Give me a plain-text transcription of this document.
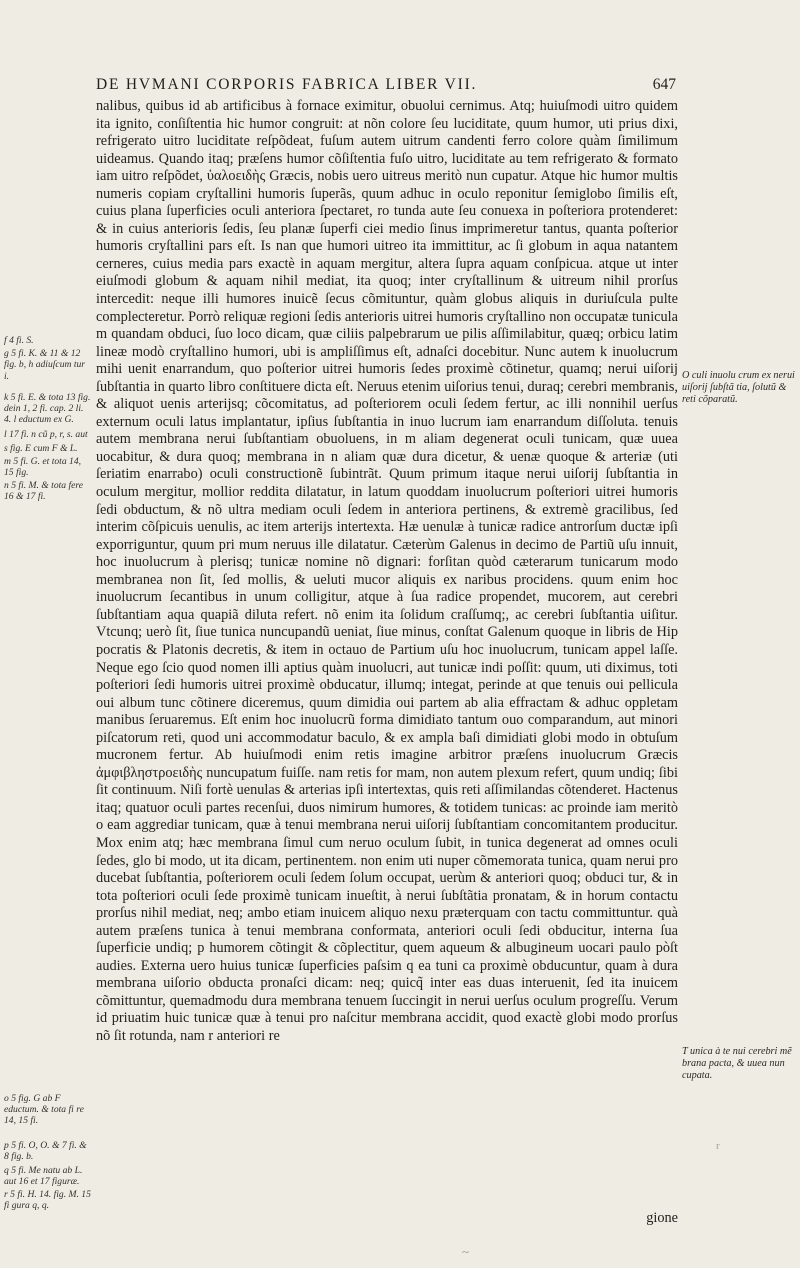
DE HVMANI CORPORIS FABRICA LIBER VII.	647

nalibus, quibus id ab artificibus à fornace eximitur, obuolui cernimus. Atq; huiuſmodi uitro quidem ita ignito, conſiſtentia hic humor congruit: at nõn colore ſeu luciditate, quum humor, uti prius dixi, refrigerato uitro luciditate reſpõdeat, fuſum autem uitrum candenti ferro colore quàm ſimilimum uideamus. Quando itaq; præſens humor cõſiſtentia fuſo uitro, luciditate au tem refrigerato & formato iam uitro reſpõdet, ὑαλοειδὴς Græcis, nobis uero uitreus meritò nun cupatur. Atque hic humor multis numeris copiam cryſtallini humoris ſuperãs, quum adhuc in oculo reponitur ſemiglobo ſimilis eſt, cuius plana ſuperficies oculi anteriora ſpectaret, ro tunda aute ſeu conuexa in poſteriora protenderet: & in cuius anterioris ſedis, ſeu planæ ſuperfi ciei medio ſinus imprimeretur tantus, quanta poſterior humoris cryſtallini pars eſt. Is nan que humori uitreo ita immittitur, ac ſi globum in aqua natantem cerneres, cuius media pars exactè in aquam mergitur, altera ſupra aquam conſpicua. atque ut inter eiuſmodi globum & aquam nihil mediat, ita quoq; inter cryſtallinum & uitreum nihil prorſus intercedit: neque illi humores inuicẽ ſecus cõmituntur, quàm globus aliquis in duriuſcula pulte complecteretur. Porrò reliquæ regioni ſedis anterioris uitrei humoris cryſtallino non occupatæ tunicula m quandam obduci, ſuo loco dicam, quæ ciliis palpebrarum ue pilis aſſimilabitur, quæq; orbicu latim lineæ modò cryſtallino humori, ubi is ampliſſimus eſt, adnaſci docebitur. Nunc autem k inuolucrum mihi uenit enarrandum, quo poſterior uitrei humoris ſedes proximè cõtinetur, quamq; nerui uiſorij ſubſtantia in quarto libro conſtituere dicta eſt. Neruus etenim uiſorius tenui, duraq; cerebri membranis, & aliquot uenis arterijsq; cõcomitatus, ad poſteriorem oculi ſedem fertur, ac illi nonnihil uerſus externum oculi latus implantatur, ipſius ſubſtantia in inuo lucrum iam enarrandum diſſoluta. tenuis autem membrana nerui ſubſtantiam obuoluens, in m aliam degenerat oculi tunicam, quæ uuea uocabitur, & dura quoq; membrana in n aliam quæ dura dicetur, & uenæ quoque & arteriæ (uti ſeriatim enarrabo) oculi constructionẽ ſubintrãt. Quum primum itaque nerui uiſorij ſubſtantia in oculum mergitur, mollior reddita dilatatur, in latum quoddam inuolucrum poſteriori uitrei humoris ſedi obductum, & nõ ultra mediam oculi ſedem in anteriora pertinens, & extremè gracilibus, ſed interim cõſpicuis uenulis, ac item arterijs intertexta. Hæ uenulæ à tunicæ radice antrorſum ductæ ipſi exporriguntur, quum pri mum neruus ille dilatatur. Cæterùm Galenus in decimo de Partiũ uſu innuit, hoc inuolucrum à plerisq; tunicæ nomine nõ dignari: forſitan quòd cæterarum tunicarum modo membranea non ſit, ſed mollis, & ueluti mucor aliquis ex naribus procidens. quum enim hoc inuolucrum ſecantibus in unum colligitur, atque à ſua radice propendet, mucorem, aut cerebri ſubſtantiam aqua quapiã diluta refert. nõ enim ita ſolidum craſſumq;, ac cerebri ſubſtantia uiſitur. Vtcunq; uerò ſit, ſiue tunica nuncupandũ ueniat, ſiue minus, conſtat Galenum quoque in libris de Hip pocratis & Platonis decretis, & item in octauo de Partium uſu hoc inuolucrum, tunicam appel laſſe. Neque ego ſcio quod nomen illi aptius quàm inuolucri, aut tunicæ indi poſſit: quum, uti diximus, toti poſteriori ſedi humoris uitrei proximè obducatur, illumq; integat, perinde at que tenuis oui pellicula oui album tunc cõtinere diceremus, quum dimidia oui partem ab alia effractam & adhuc oppletam manibus ſeruaremus. Eſt enim hoc inuolucrũ forma dimidiato tantum ouo comparandum, aut minori piſcatorum reti, quod uni accommodatur baculo, & ex ampla baſi dimidiati globi modo in obtuſum mucronem fertur. Ab huiuſmodi enim retis imagine arbitror præſens inuolucrum Græcis ἀμφιβληστροειδὴς nuncupatum fuiſſe. nam retis for mam, non autem plexum refert, quum undiq; ſibi ſit continuum. Niſi fortè uenulas & arterias ipſi intertextas, quis reti aſſimilandas cõtenderet. Hactenus itaq; quatuor oculi partes recenſui, duos nimirum humores, & totidem tunicas: ac proinde iam meritò o eam aggrediar tunicam, quæ à tenui membrana nerui uiſorij ſubſtantiam concomitantem producitur. Mox enim atq; hæc membrana ſimul cum neruo oculum ſubit, in tunica degenerat ad omnes oculi ſedes, glo bi modo, ut ita dicam, pertinentem. non enim uti nuper cõmemorata tunica, quam nerui pro ducebat ſubſtantia, poſteriorem oculi ſedem ſolum occupat, uerùm & anteriori quoq; obduci tur, & in tota poſteriori oculi ſede proximè tunicam inueſtit, à nerui ſubſtãtia pronatam, & in horum contactu prorſus nihil mediat, neq; ambo etiam inuicem aliquo nexu præterquam con tactu committuntur. quà autem præſens tunica à tenui membrana conformata, anteriori oculi ſedi obducitur, interna ſua ſuperficie undiq; p humorem cõtingit & cõplectitur, quem aqueum & albugineum uocari paulo pòſt audies. Externa uero huius tunicæ ſuperficies paſsim q ea tuni ca proximè obducuntur, quam à dura membrana uiſorio obducta pronaſci dicam: neq; quicq̃ inter eas duas interuenit, ſed ita inuicem cõmittuntur, quemadmodu dura membrana tenuem ſuccingit in nerui uerſus oculum progreſſu. Verum id priuatim huic tunicæ quæ à tenui pro naſcitur membrana accidit, quod exactè globi modo prorſus nõ ſit rotunda, nam r anteriori re

f 4 fi. S.
g 5 fi. K. & 11 & 12 fig. b, h adiuſcum tur i.
k 5 fi. E. & tota 13 fig. dein 1, 2 fi. cap. 2 li. 4. l eductum ex G.
l 17 fi. n cũ p, r, s. aut
s fig. E cum F & L.
m 5 fi. G. et tota 14, 15 fig.
n 5 fi. M. & tota fere 16 & 17 fi.
o 5 fig. G ab F eductum. & tota fi re 14, 15 fi.
p 5 fi. O, O. & 7 fi. & 8 fig. b.
q 5 fi. Me natu ab L. aut 16 et 17 figuræ.
r 5 fi. H. 14. fig. M. 15 fi gura q, q.
O culi inuolu crum ex nerui uiſorij ſubſtã tia, ſolutũ & reti cõparatũ.
T unica à te nui cerebri mẽ brana pacta, & uuea nun cupata.
gione
r
~
